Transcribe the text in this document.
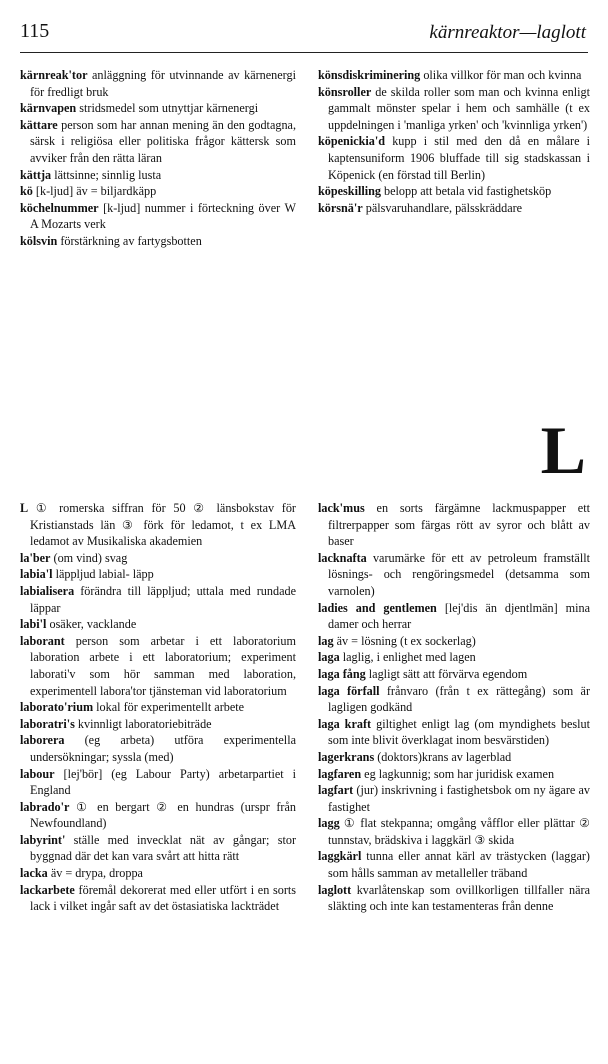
115	kärnreaktor—laglott
kärnreak'tor anläggning för utvinnande av kärnenergi för fredligt bruk
kärnvapen stridsmedel som utnyttjar kärnenergi
kättare person som har annan mening än den godtagna, särsk i religiösa eller politiska frågor kättersk som avviker från den rätta läran
kättja lättsinne; sinnlig lusta
kö [k-ljud] äv = biljardkäpp
köchelnummer [k-ljud] nummer i förteckning över W A Mozarts verk
kölsvin förstärkning av fartygsbotten
könsdiskriminering olika villkor för man och kvinna
könsroller de skilda roller som man och kvinna enligt gammalt mönster spelar i hem och samhälle (t ex uppdelningen i 'manliga yrken' och 'kvinnliga yrken')
köpenickia'd kupp i stil med den då en målare i kaptensuniform 1906 bluffade till sig stadskassan i Köpenick (en förstad till Berlin)
köpeskilling belopp att betala vid fastighetsköp
körsnä'r pälsvaruhandlare, pälsskräddare
L
L ① romerska siffran för 50 ② länsbokstav för Kristianstads län ③ förk för ledamot, t ex LMA ledamot av Musikaliska akademien
la'ber (om vind) svag
labia'l läppljud labial- läpp
labialisera förändra till läppljud; uttala med rundade läppar
labi'l osäker, vacklande
laborant person som arbetar i ett laboratorium laboration arbete i ett laboratorium; experiment laborati'v som hör samman med laboration, experimentell labora'tor tjänsteman vid laboratorium
laborato'rium lokal för experimentellt arbete
laboratri's kvinnligt laboratoriebiträde
laborera (eg arbeta) utföra experimentella undersökningar; syssla (med)
labour [lej'bör] (eg Labour Party) arbetarpartiet i England
labrado'r ① en bergart ② en hundras (urspr från Newfoundland)
labyrint' ställe med invecklat nät av gångar; stor byggnad där det kan vara svårt att hitta rätt
lacka äv = drypa, droppa
lackarbete föremål dekorerat med eller utfört i en sorts lack i vilket ingår saft av det östasiatiska lackträdet
lack'mus en sorts färgämne lackmuspapper ett filtrerpapper som färgas rött av syror och blått av baser
lacknafta varumärke för ett av petroleum framställt lösnings- och rengöringsmedel (detsamma som varnolen)
ladies and gentlemen [lej'dis än djentlmän] mina damer och herrar
lag äv = lösning (t ex sockerlag)
laga laglig, i enlighet med lagen
laga fång lagligt sätt att förvärva egendom
laga förfall frånvaro (från t ex rättegång) som är lagligen godkänd
laga kraft giltighet enligt lag (om myndighets beslut som inte blivit överklagat inom besvärstiden)
lagerkrans (doktors)krans av lagerblad
lagfaren eg lagkunnig; som har juridisk examen
lagfart (jur) inskrivning i fastighetsbok om ny ägare av fastighet
lagg ① flat stekpanna; omgång våfflor eller plättar ② tunnstav, brädskiva i laggkärl ③ skida
laggkärl tunna eller annat kärl av trästycken (laggar) som hålls samman av metalleller träband
laglott kvarlåtenskap som ovillkorligen tillfaller nära släkting och inte kan testamenteras från denne
